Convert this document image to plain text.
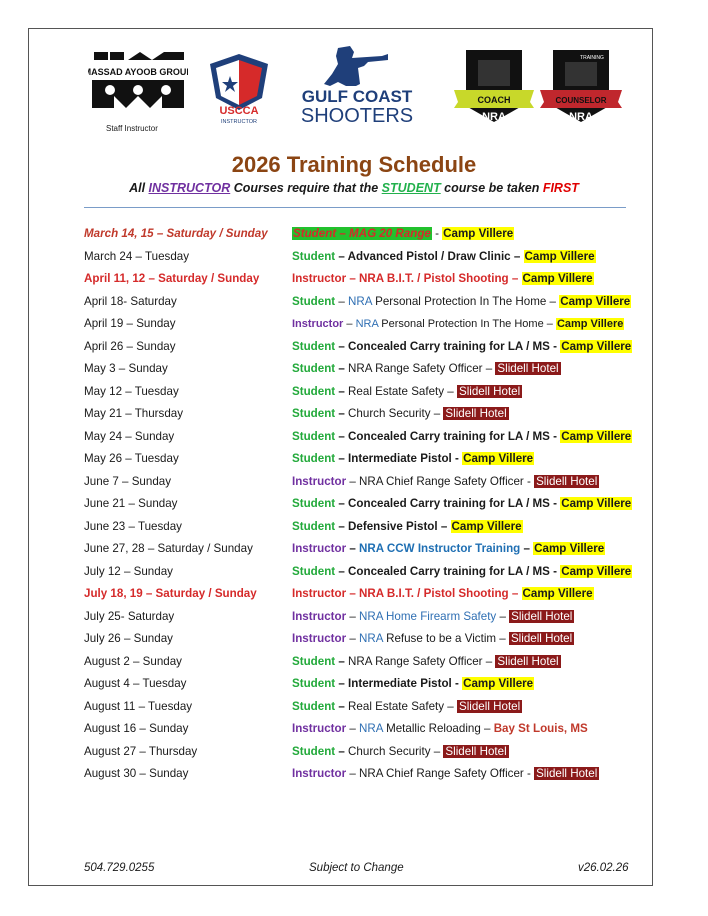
MASSAD AYOOB GROUP
Staff Instructor
USCCA
INSTRUCTOR
GULF COAST
SHOOTERS
COACH
NRA
TRAINING
COUNSELOR
NRA
2026 Training Schedule
All INSTRUCTOR Courses require that the STUDENT course be taken FIRST
March 14, 15 – Saturday / Sunday Student – MAG 20 Range - Camp Villere
March 24 – Tuesday	Student – Advanced Pistol / Draw Clinic – Camp Villere
April 11, 12 – Saturday / Sunday	Instructor – NRA B.I.T. / Pistol Shooting – Camp Villere
April 18- Saturday	Student – NRA Personal Protection In The Home – Camp Villere
April 19 – Sunday	Instructor – NRA Personal Protection In The Home – Camp Villere
April 26 – Sunday	Student – Concealed Carry training for LA / MS - Camp Villere
May 3 – Sunday	Student – NRA Range Safety Officer – Slidell Hotel
May 12 – Tuesday	Student – Real Estate Safety – Slidell Hotel
May 21 – Thursday	Student – Church Security – Slidell Hotel
May 24 – Sunday	Student – Concealed Carry training for LA / MS - Camp Villere
May 26 – Tuesday	Student – Intermediate Pistol - Camp Villere
June 7 – Sunday	Instructor – NRA Chief Range Safety Officer - Slidell Hotel
June 21 – Sunday	Student – Concealed Carry training for LA / MS - Camp Villere
June 23 – Tuesday	Student – Defensive Pistol – Camp Villere
June 27, 28 – Saturday / Sunday	Instructor – NRA CCW Instructor Training – Camp Villere
July 12 – Sunday	Student – Concealed Carry training for LA / MS - Camp Villere
July 18, 19 – Saturday / Sunday	Instructor – NRA B.I.T. / Pistol Shooting – Camp Villere
July 25- Saturday	Instructor – NRA Home Firearm Safety – Slidell Hotel
July 26 – Sunday	Instructor – NRA Refuse to be a Victim – Slidell Hotel
August 2 – Sunday	Student – NRA Range Safety Officer – Slidell Hotel
August 4 – Tuesday	Student – Intermediate Pistol - Camp Villere
August 11 – Tuesday	Student – Real Estate Safety – Slidell Hotel
August 16 – Sunday	Instructor – NRA Metallic Reloading – Bay St Louis, MS
August 27 – Thursday	Student – Church Security – Slidell Hotel
August 30 – Sunday	Instructor – NRA Chief Range Safety Officer - Slidell Hotel
504.729.0255	Subject to Change	v26.02.26
